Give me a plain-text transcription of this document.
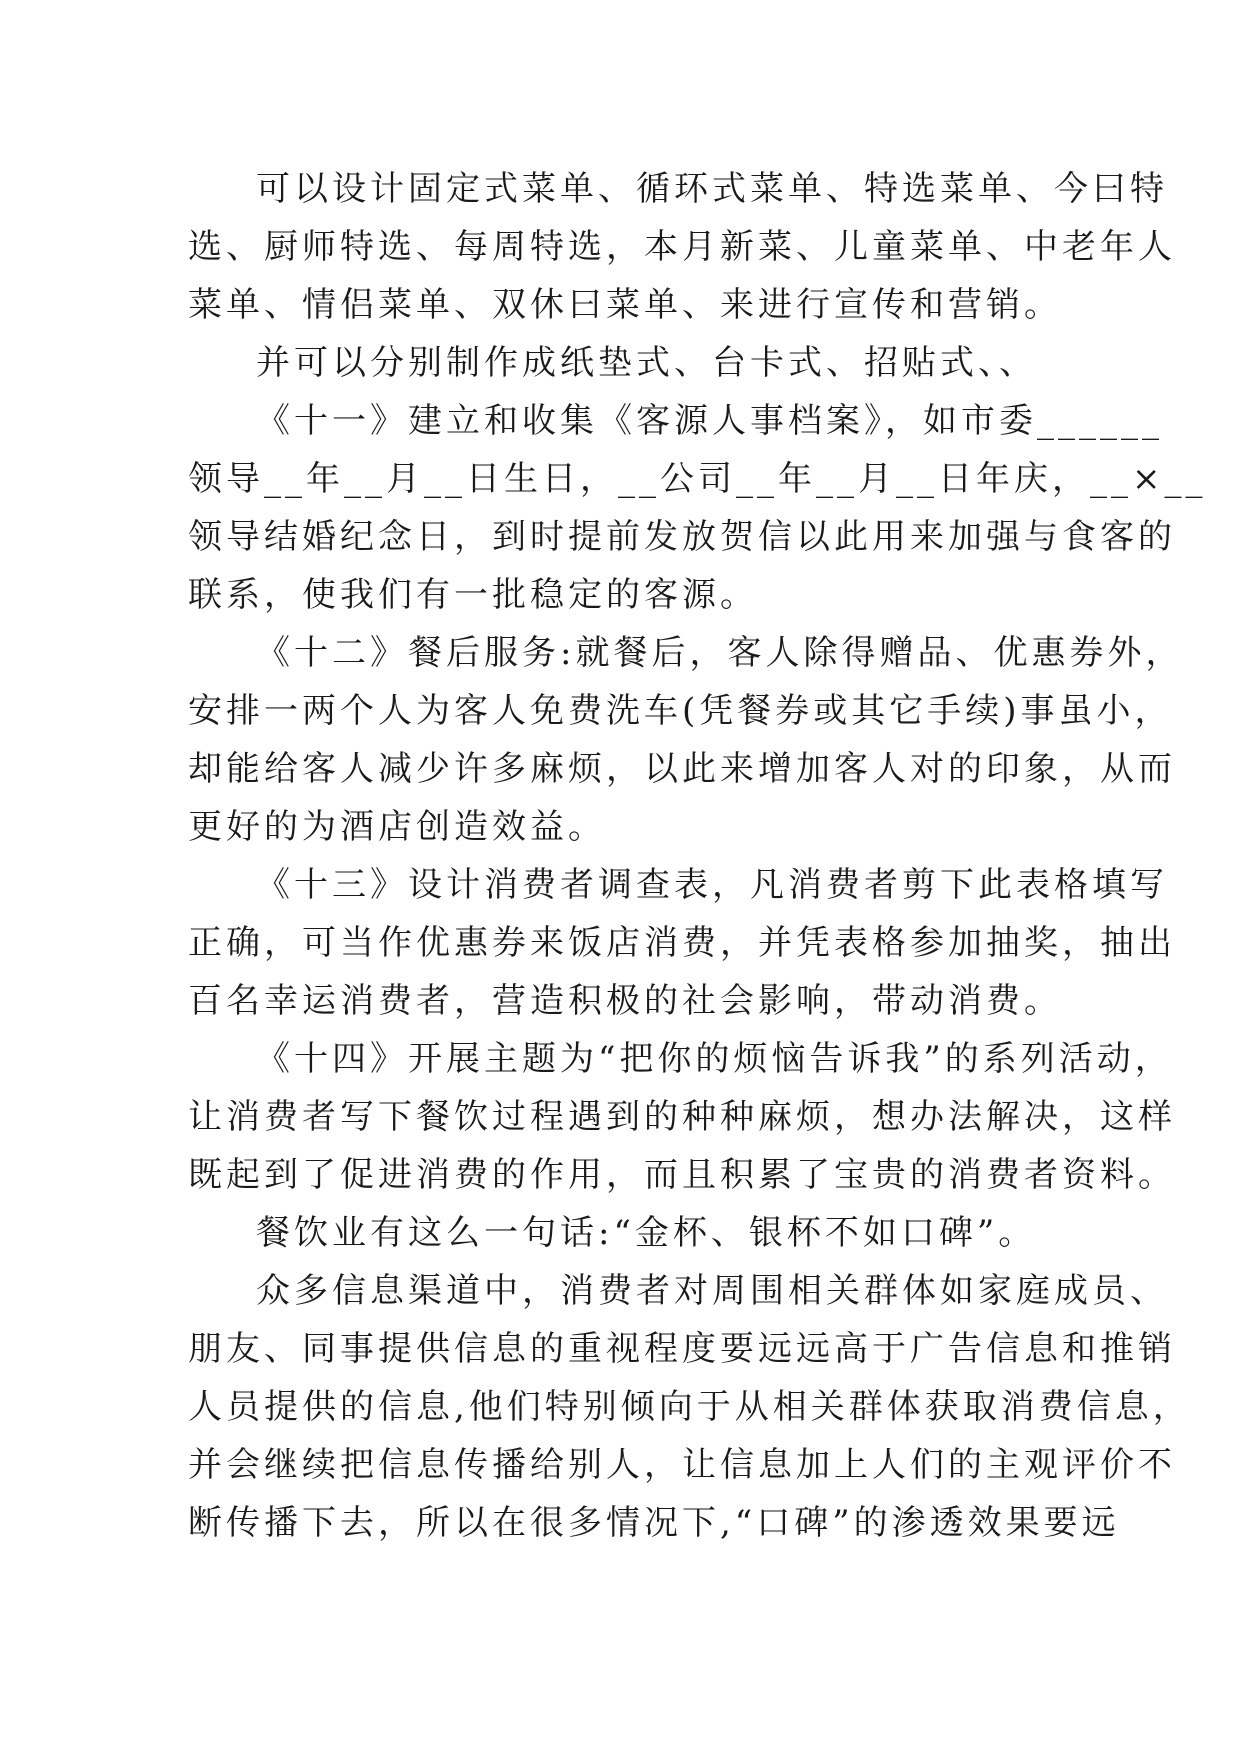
可以设计固定式菜单、循环式菜单、特选菜单、今曰特
选、厨师特选、每周特选，本月新菜、儿童菜单、中老年人
菜单、情侣菜单、双休曰菜单、来进行宣传和营销。
并可以分别制作成纸垫式、台卡式、招贴式、、
《十一》建立和收集《客源人事档案》，如市委______
领导__年__月__日生日，__公司__年__月__日年庆，__×__
领导结婚纪念日，到时提前发放贺信以此用来加强与食客的
联系，使我们有一批稳定的客源。
《十二》餐后服务:就餐后，客人除得赠品、优惠券外，
安排一两个人为客人免费洗车(凭餐券或其它手续)事虽小，
却能给客人减少许多麻烦，以此来增加客人对的印象，从而
更好的为酒店创造效益。
《十三》设计消费者调查表，凡消费者剪下此表格填写
正确，可当作优惠券来饭店消费，并凭表格参加抽奖，抽出
百名幸运消费者，营造积极的社会影响，带动消费。
《十四》开展主题为“把你的烦恼告诉我”的系列活动，
让消费者写下餐饮过程遇到的种种麻烦，想办法解决，这样
既起到了促进消费的作用，而且积累了宝贵的消费者资料。
餐饮业有这么一句话:“金杯、银杯不如口碑”。
众多信息渠道中，消费者对周围相关群体如家庭成员、
朋友、同事提供信息的重视程度要远远高于广告信息和推销
人员提供的信息,他们特别倾向于从相关群体获取消费信息，
并会继续把信息传播给别人，让信息加上人们的主观评价不
断传播下去，所以在很多情况下,“口碑”的渗透效果要远
